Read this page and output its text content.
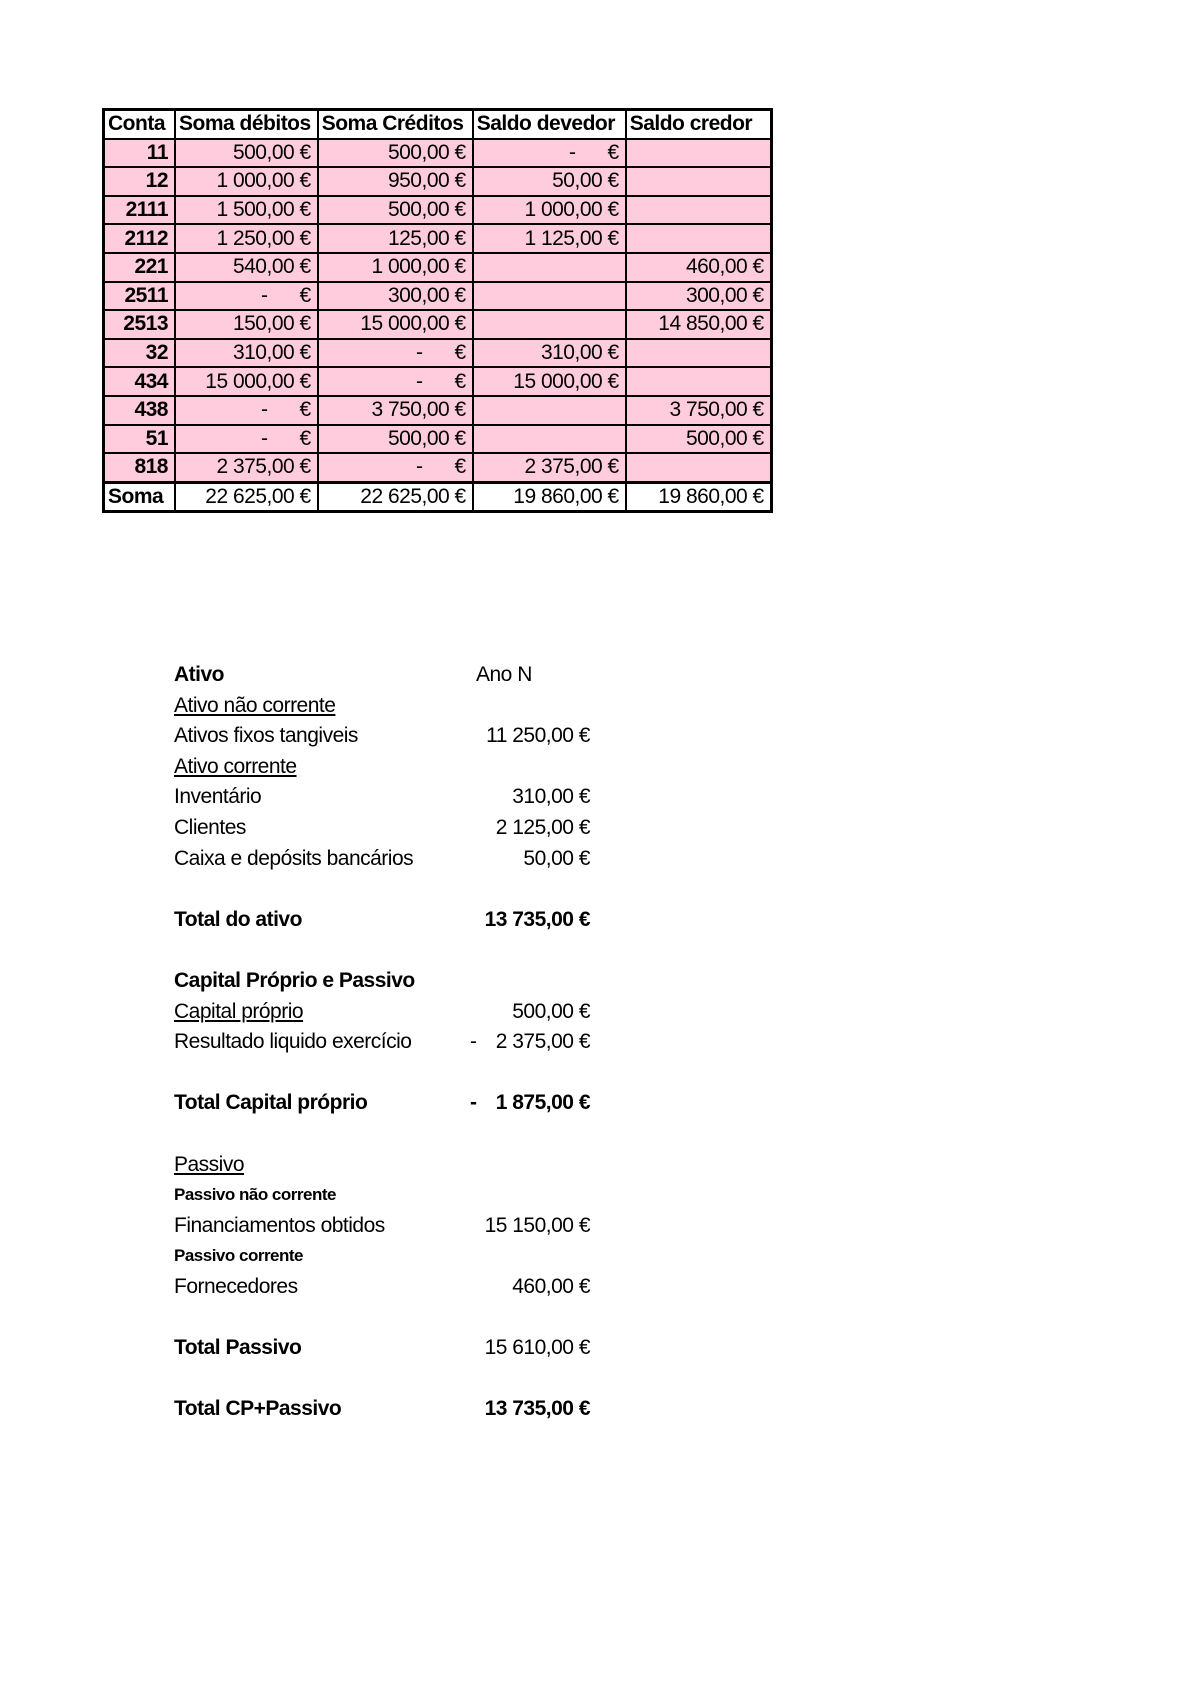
Conta	Soma débitos	Soma Créditos	Saldo devedor	Saldo credor
11	500,00 €	500,00 €	-      €	
12	1 000,00 €	950,00 €	50,00 €	
2111	1 500,00 €	500,00 €	1 000,00 €	
2112	1 250,00 €	125,00 €	1 125,00 €	
221	540,00 €	1 000,00 €		460,00 €
2511	-      €	300,00 €		300,00 €
2513	150,00 €	15 000,00 €		14 850,00 €
32	310,00 €	-      €	310,00 €	
434	15 000,00 €	-      €	15 000,00 €	
438	-      €	3 750,00 €		3 750,00 €
51	-      €	500,00 €		500,00 €
818	2 375,00 €	-      €	2 375,00 €	
Soma	22 625,00 €	22 625,00 €	19 860,00 €	19 860,00 €
Ativo	Ano N
Ativo não corrente
Ativos fixos tangiveis	11 250,00 €
Ativo corrente
Inventário	310,00 €
Clientes	2 125,00 €
Caixa e depósits bancários	50,00 €
Total do ativo	13 735,00 €
Capital Próprio e Passivo
Capital próprio	500,00 €
Resultado liquido exercício	- 2 375,00 €
Total Capital próprio	- 1 875,00 €
Passivo
Passivo não corrente
Financiamentos obtidos	15 150,00 €
Passivo corrente
Fornecedores	460,00 €
Total Passivo	15 610,00 €
Total CP+Passivo	13 735,00 €
